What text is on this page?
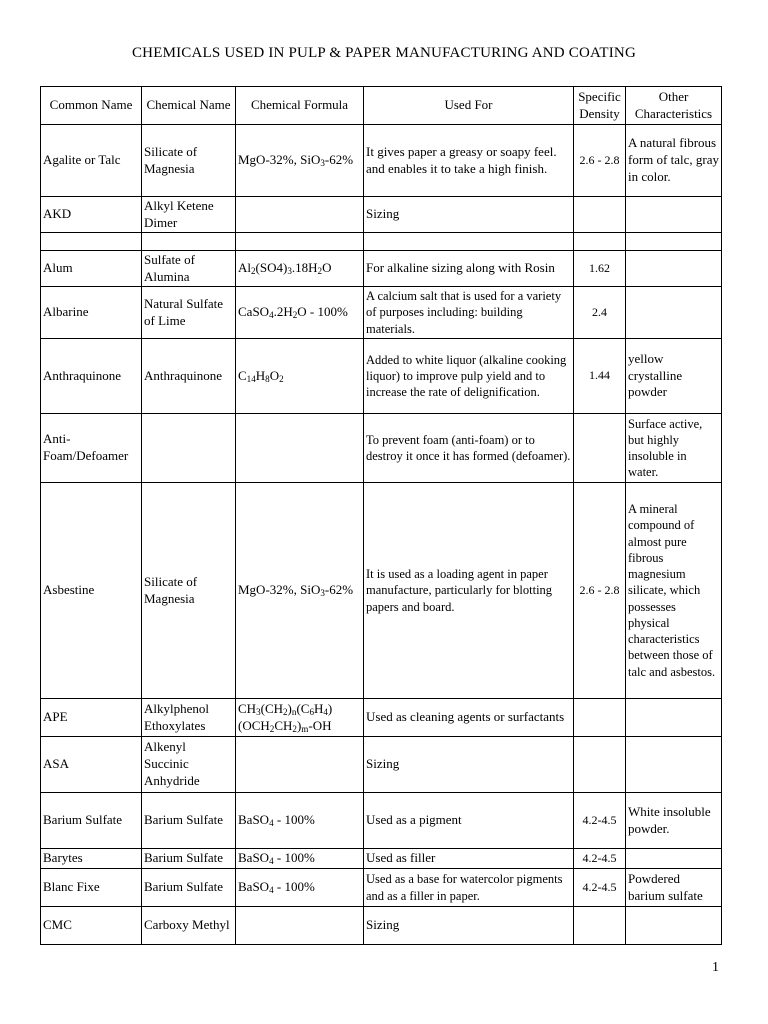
CHEMICALS USED IN PULP & PAPER MANUFACTURING AND COATING
Common Name	Chemical Name	Chemical Formula	Used For	Specific Density	Other Characteristics
Agalite or Talc	Silicate of Magnesia	MgO-32%, SiO$_3$-62%	It gives paper a greasy or soapy feel. and enables it to take a high finish.	2.6 - 2.8	A natural fibrous form of talc, gray in color.
AKD	Alkyl Ketene Dimer		Sizing		

Alum	Sulfate of Alumina	$Al_2(SO4)_3.18H_2O$	For alkaline sizing along with Rosin	1.62	
Albarine	Natural Sulfate of Lime	$CaSO_4.2H_2O - 100\%$	A calcium salt that is used for a variety of purposes including: building materials.	2.4	
Anthraquinone	Anthraquinone	$C_{14}H_8O_2$	Added to white liquor (alkaline cooking liquor) to improve pulp yield and to increase the rate of delignification.	1.44	yellow crystalline powder
Anti-Foam/Defoamer			To prevent foam (anti-foam) or to destroy it once it has formed (defoamer).		Surface active, but highly insoluble in water.
Asbestine	Silicate of Magnesia	MgO-32%, SiO$_3$-62%	It is used as a loading agent in paper manufacture, particularly for blotting papers and board.	2.6 - 2.8	A mineral compound of almost pure fibrous magnesium silicate, which possesses physical characteristics between those of talc and asbestos.
APE	Alkylphenol Ethoxylates	$CH_3(CH_2)_n(C_6H_4)(OCH_2CH_2)_m-OH$	Used as cleaning agents or surfactants		
ASA	Alkenyl Succinic Anhydride		Sizing		
Barium Sulfate	Barium Sulfate	BaSO$_4$ - 100%	Used as a pigment	4.2-4.5	White insoluble powder.
Barytes	Barium Sulfate	BaSO$_4$ - 100%	Used as filler	4.2-4.5	
Blanc Fixe	Barium Sulfate	BaSO$_4$ - 100%	Used as a base for watercolor pigments and as a filler in paper.	4.2-4.5	Powdered barium sulfate
CMC	Carboxy Methyl		Sizing		
1
